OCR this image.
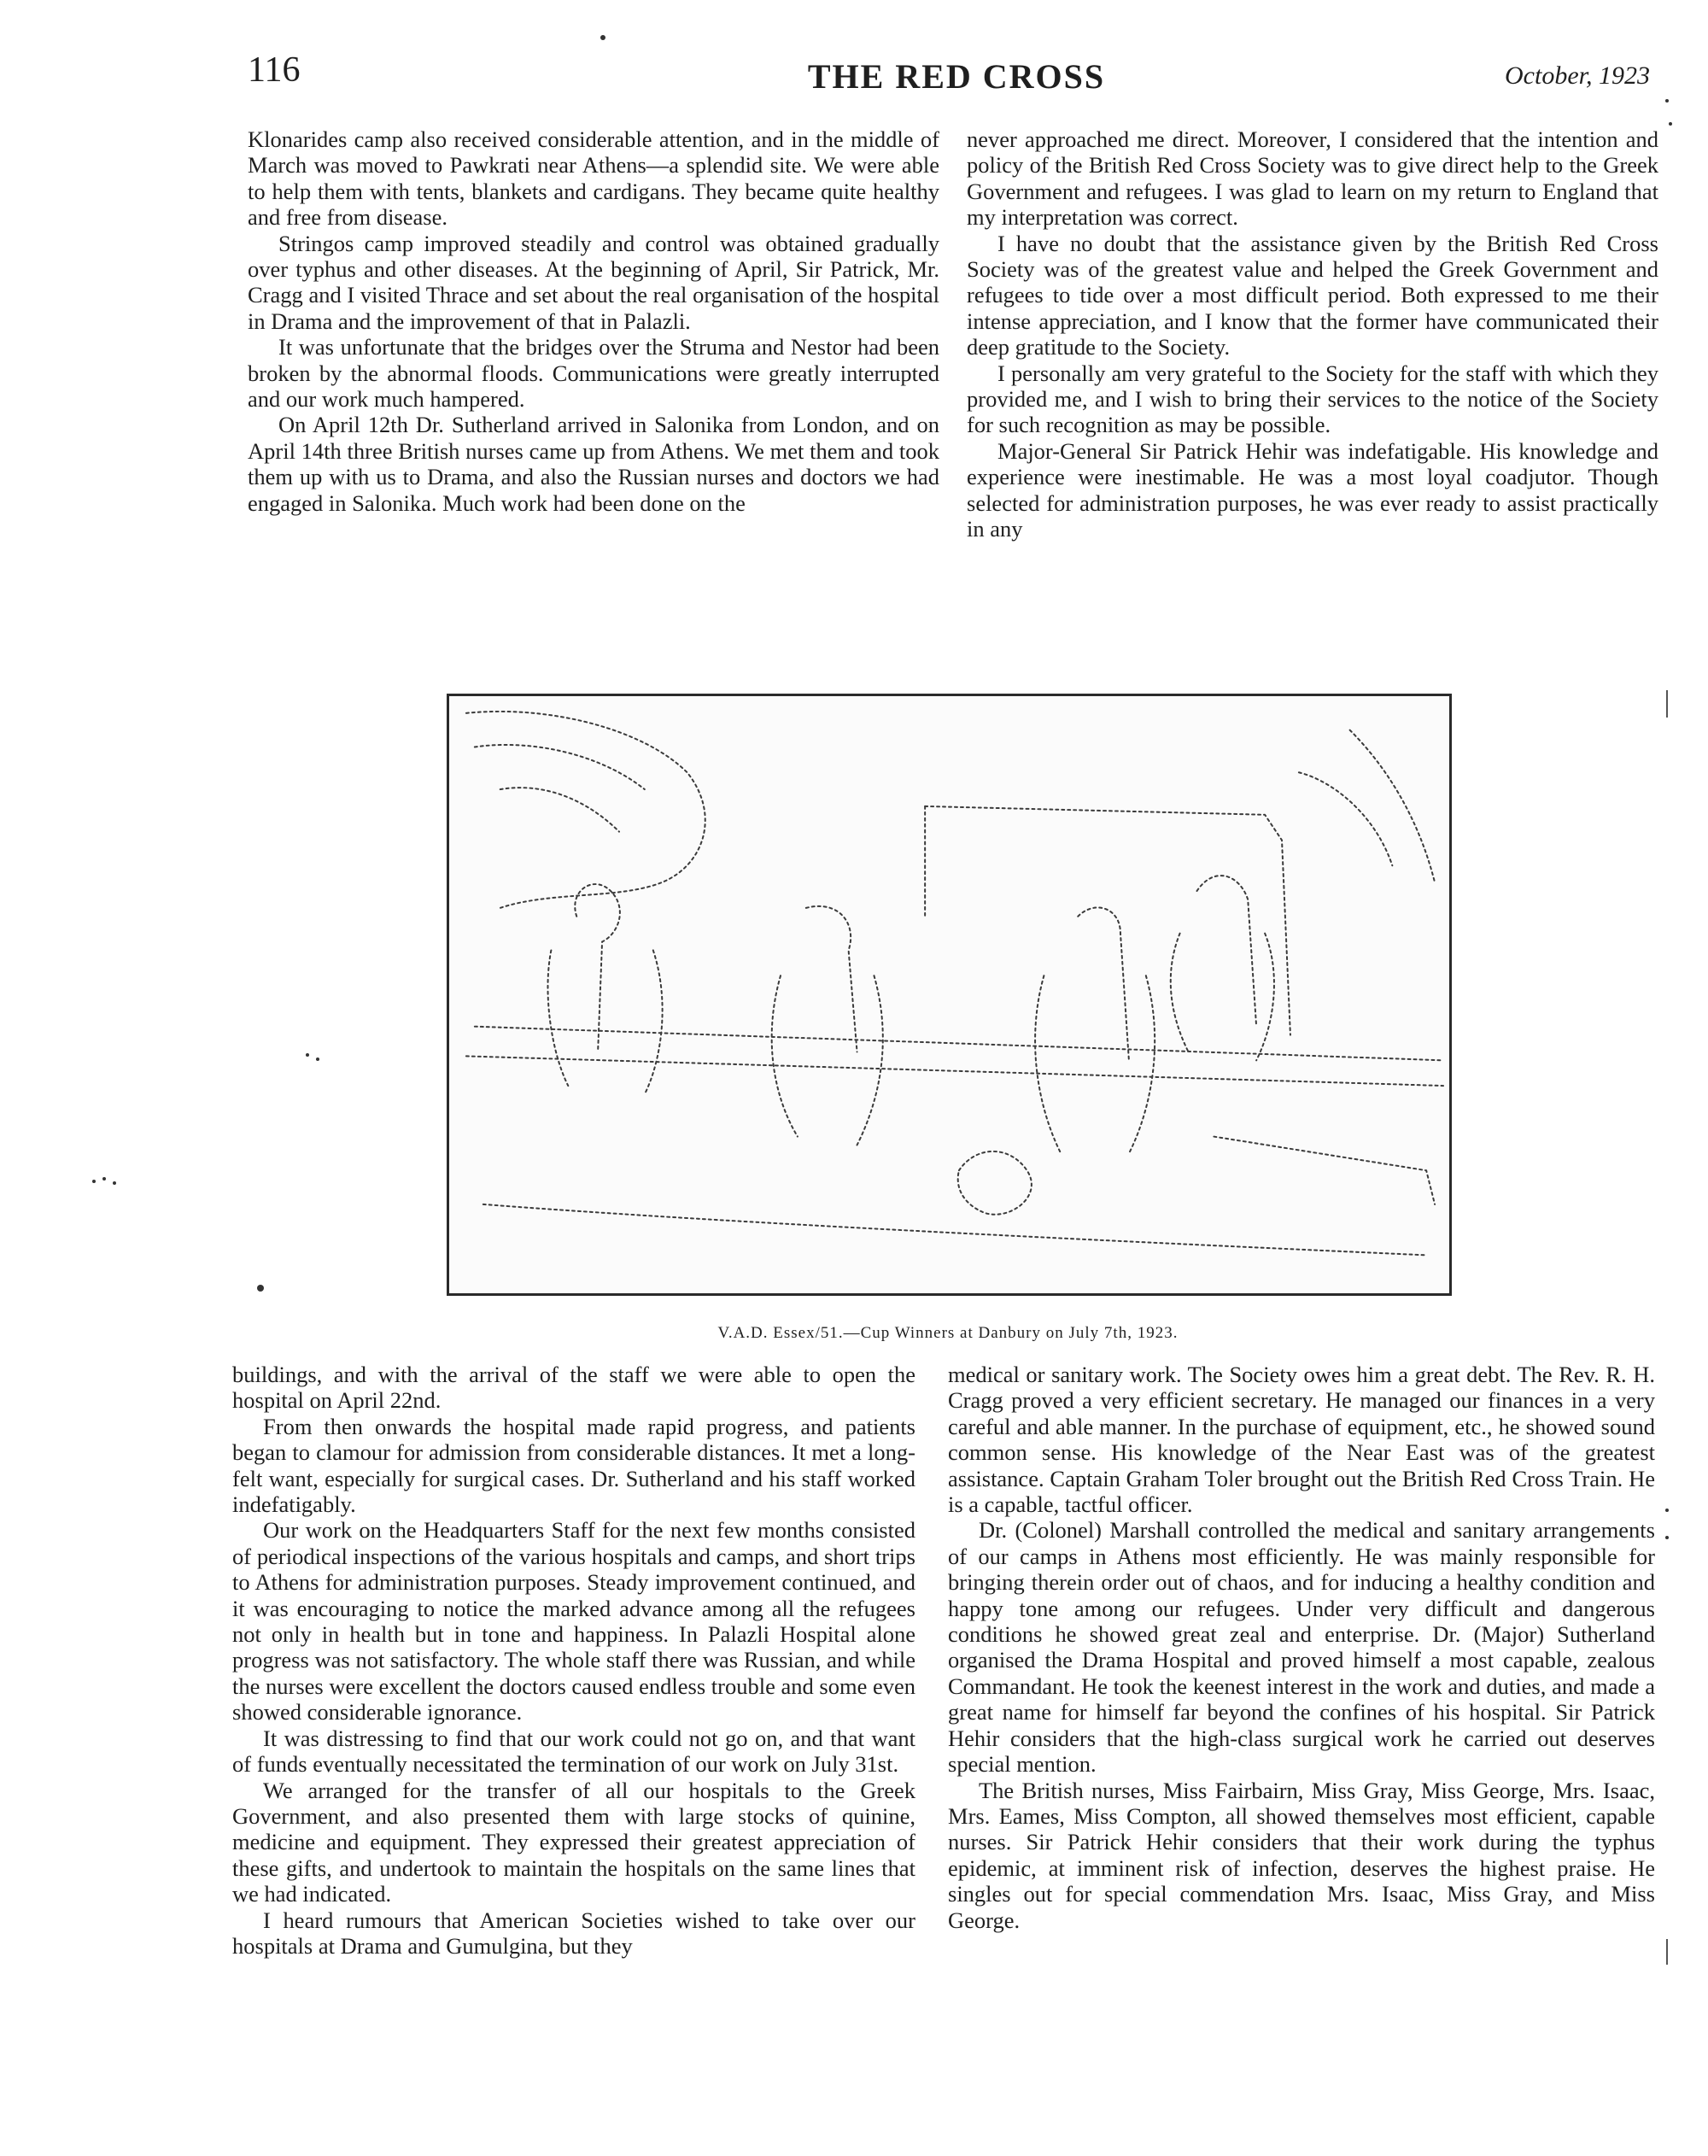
116	THE RED CROSS	October, 1923

Klonarides camp also received considerable attention, and in the middle of March was moved to Pawkrati near Athens—a splendid site. We were able to help them with tents, blankets and cardigans. They became quite healthy and free from disease.

Stringos camp improved steadily and control was obtained gradually over typhus and other diseases. At the beginning of April, Sir Patrick, Mr. Cragg and I visited Thrace and set about the real organisation of the hospital in Drama and the improvement of that in Palazli.

It was unfortunate that the bridges over the Struma and Nestor had been broken by the abnormal floods. Communications were greatly interrupted and our work much hampered.

On April 12th Dr. Sutherland arrived in Salonika from London, and on April 14th three British nurses came up from Athens. We met them and took them up with us to Drama, and also the Russian nurses and doctors we had engaged in Salonika. Much work had been done on the

never approached me direct. Moreover, I considered that the intention and policy of the British Red Cross Society was to give direct help to the Greek Government and refugees. I was glad to learn on my return to England that my interpretation was correct.

I have no doubt that the assistance given by the British Red Cross Society was of the greatest value and helped the Greek Government and refugees to tide over a most difficult period. Both expressed to me their intense appreciation, and I know that the former have communicated their deep gratitude to the Society.

I personally am very grateful to the Society for the staff with which they provided me, and I wish to bring their services to the notice of the Society for such recognition as may be possible.

Major-General Sir Patrick Hehir was indefatigable. His knowledge and experience were inestimable. He was a most loyal coadjutor. Though selected for administration purposes, he was ever ready to assist practically in any

V.A.D. Essex/51.—Cup Winners at Danbury on July 7th, 1923.

buildings, and with the arrival of the staff we were able to open the hospital on April 22nd.

From then onwards the hospital made rapid progress, and patients began to clamour for admission from considerable distances. It met a long-felt want, especially for surgical cases. Dr. Sutherland and his staff worked indefatigably.

Our work on the Headquarters Staff for the next few months consisted of periodical inspections of the various hospitals and camps, and short trips to Athens for administration purposes. Steady improvement continued, and it was encouraging to notice the marked advance among all the refugees not only in health but in tone and happiness. In Palazli Hospital alone progress was not satisfactory. The whole staff there was Russian, and while the nurses were excellent the doctors caused endless trouble and some even showed considerable ignorance.

It was distressing to find that our work could not go on, and that want of funds eventually necessitated the termination of our work on July 31st.

We arranged for the transfer of all our hospitals to the Greek Government, and also presented them with large stocks of quinine, medicine and equipment. They expressed their greatest appreciation of these gifts, and undertook to maintain the hospitals on the same lines that we had indicated.

I heard rumours that American Societies wished to take over our hospitals at Drama and Gumulgina, but they

medical or sanitary work. The Society owes him a great debt. The Rev. R. H. Cragg proved a very efficient secretary. He managed our finances in a very careful and able manner. In the purchase of equipment, etc., he showed sound common sense. His knowledge of the Near East was of the greatest assistance. Captain Graham Toler brought out the British Red Cross Train. He is a capable, tactful officer.

Dr. (Colonel) Marshall controlled the medical and sanitary arrangements of our camps in Athens most efficiently. He was mainly responsible for bringing therein order out of chaos, and for inducing a healthy condition and happy tone among our refugees. Under very difficult and dangerous conditions he showed great zeal and enterprise. Dr. (Major) Sutherland organised the Drama Hospital and proved himself a most capable, zealous Commandant. He took the keenest interest in the work and duties, and made a great name for himself far beyond the confines of his hospital. Sir Patrick Hehir considers that the high-class surgical work he carried out deserves special mention.

The British nurses, Miss Fairbairn, Miss Gray, Miss George, Mrs. Isaac, Mrs. Eames, Miss Compton, all showed themselves most efficient, capable nurses. Sir Patrick Hehir considers that their work during the typhus epidemic, at imminent risk of infection, deserves the highest praise. He singles out for special commendation Mrs. Isaac, Miss Gray, and Miss George.
